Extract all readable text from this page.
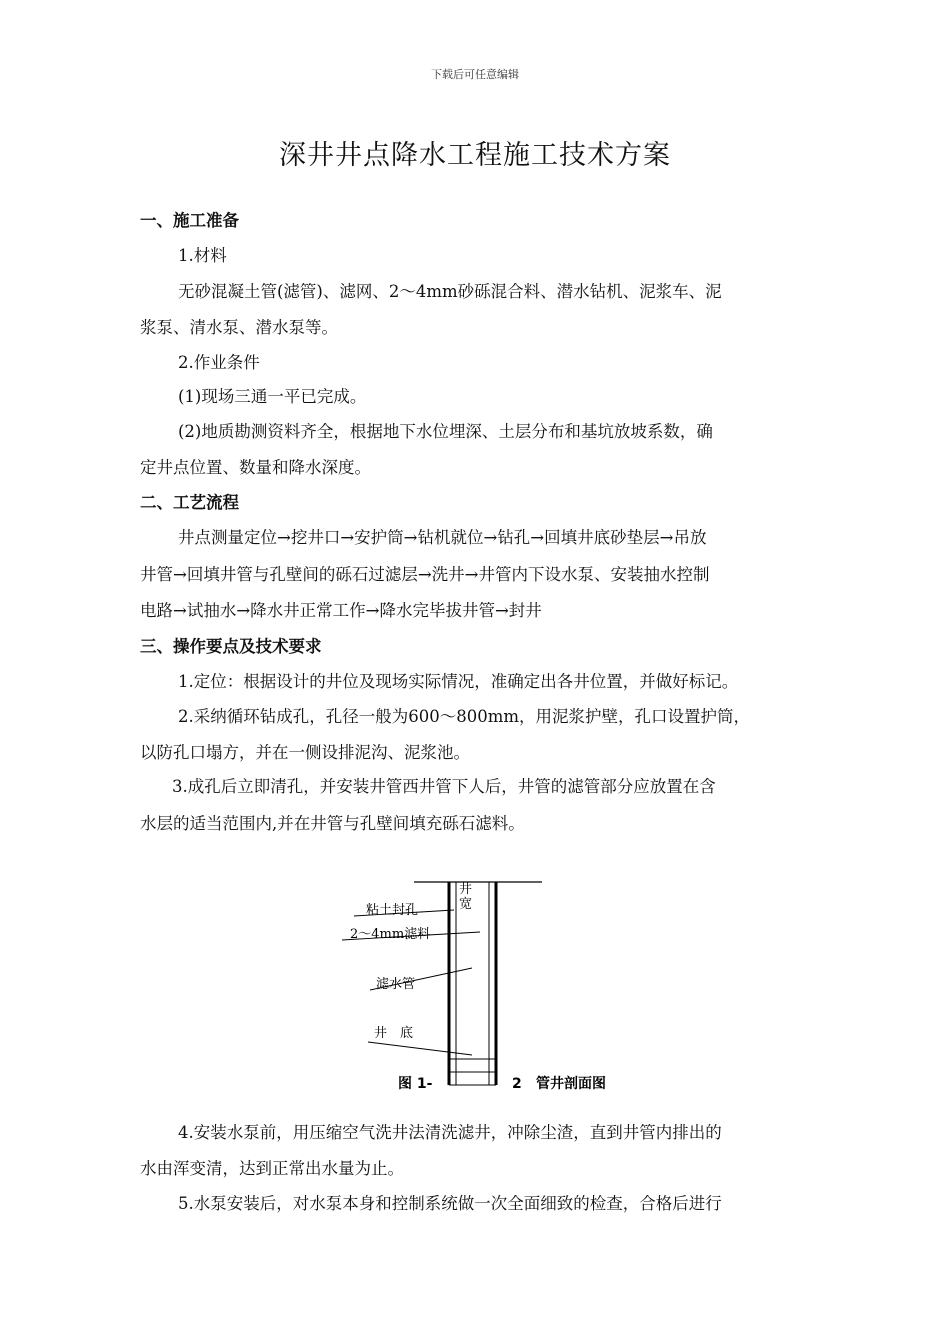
下载后可任意编辑
深井井点降水工程施工技术方案
一、施工准备
1.材料
无砂混凝土管(滤管)、滤网、2～4mm砂砾混合料、潜水钻机、泥浆车、泥
浆泵、清水泵、潜水泵等。
2.作业条件
(1)现场三通一平已完成。
(2)地质勘测资料齐全，根据地下水位埋深、土层分布和基坑放坡系数，确
定井点位置、数量和降水深度。
二、工艺流程
井点测量定位→挖井口→安护筒→钻机就位→钻孔→回填井底砂垫层→吊放
井管→回填井管与孔壁间的砾石过滤层→洗井→井管内下设水泵、安装抽水控制
电路→试抽水→降水井正常工作→降水完毕拔井管→封井
三、操作要点及技术要求
1.定位：根据设计的井位及现场实际情况，准确定出各井位置，并做好标记。
2.采纳循环钻成孔，孔径一般为600～800mm，用泥浆护壁，孔口设置护筒，
以防孔口塌方，并在一侧设排泥沟、泥浆池。
3.成孔后立即清孔，并安装井管西井管下人后，井管的滤管部分应放置在含
水层的适当范围内,并在井管与孔壁间填充砾石滤料。
井
宽
粘土封孔
2～4mm滤料
滤水管
井　底
图 1-	2 管井剖面图
4.安装水泵前，用压缩空气洗井法清洗滤井，冲除尘渣，直到井管内排出的
水由浑变清，达到正常出水量为止。
5.水泵安装后，对水泵本身和控制系统做一次全面细致的检查，合格后进行
